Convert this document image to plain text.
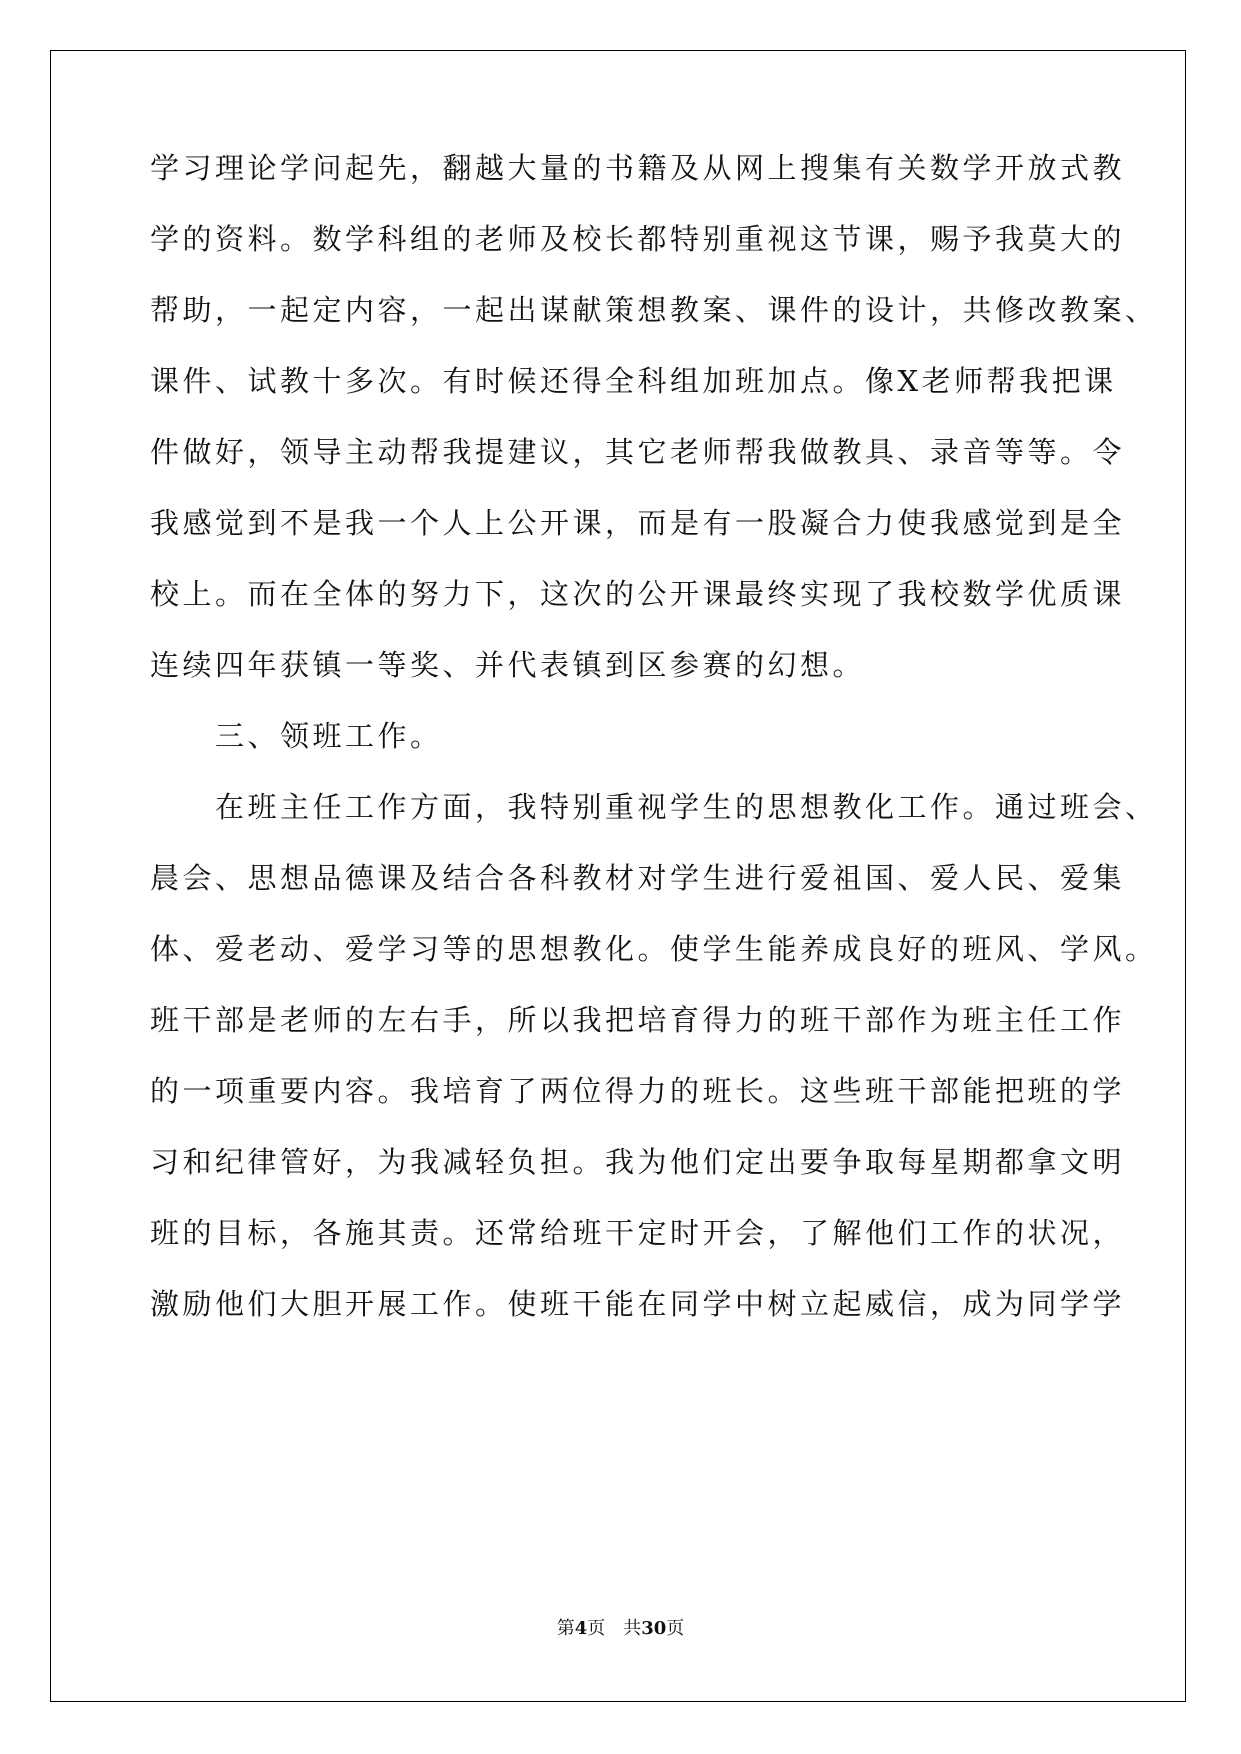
学习理论学问起先，翻越大量的书籍及从网上搜集有关数学开放式教
学的资料。数学科组的老师及校长都特别重视这节课，赐予我莫大的
帮助，一起定内容，一起出谋献策想教案、课件的设计，共修改教案、
课件、试教十多次。有时候还得全科组加班加点。像X老师帮我把课
件做好，领导主动帮我提建议，其它老师帮我做教具、录音等等。令
我感觉到不是我一个人上公开课，而是有一股凝合力使我感觉到是全
校上。而在全体的努力下，这次的公开课最终实现了我校数学优质课
连续四年获镇一等奖、并代表镇到区参赛的幻想。
　　三、领班工作。
　　在班主任工作方面，我特别重视学生的思想教化工作。通过班会、
晨会、思想品德课及结合各科教材对学生进行爱祖国、爱人民、爱集
体、爱老动、爱学习等的思想教化。使学生能养成良好的班风、学风。
班干部是老师的左右手，所以我把培育得力的班干部作为班主任工作
的一项重要内容。我培育了两位得力的班长。这些班干部能把班的学
习和纪律管好，为我减轻负担。我为他们定出要争取每星期都拿文明
班的目标，各施其责。还常给班干定时开会，了解他们工作的状况，
激励他们大胆开展工作。使班干能在同学中树立起威信，成为同学学
第4页　共30页
